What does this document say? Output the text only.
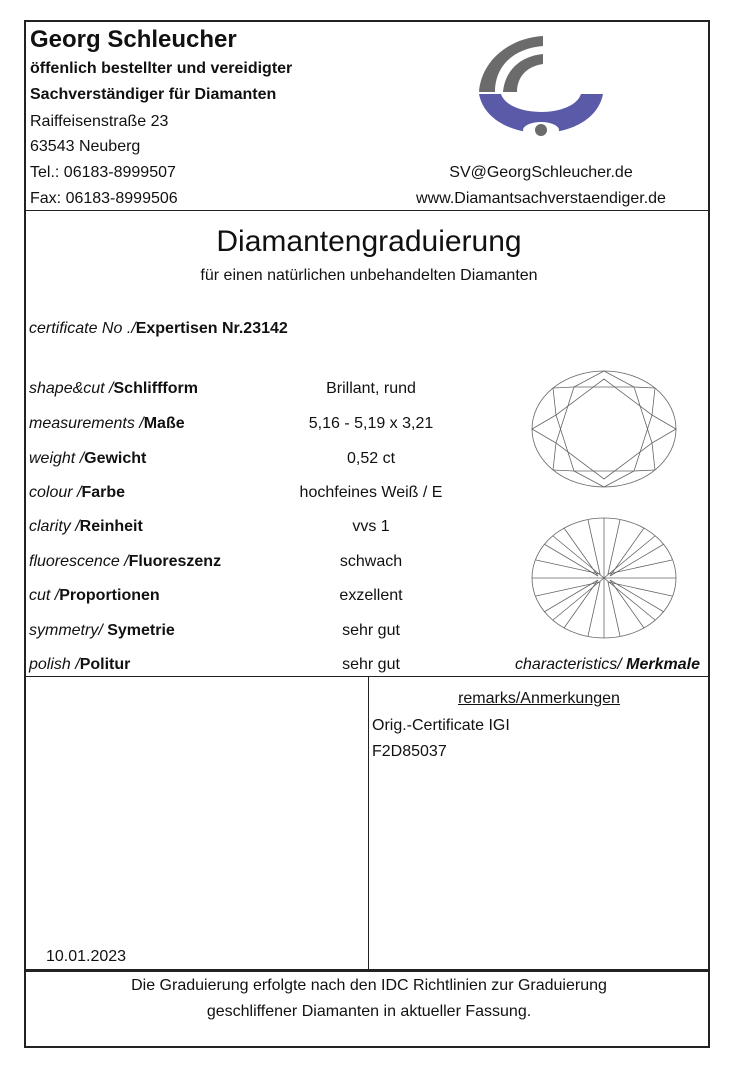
Georg Schleucher
öffenlich bestellter und vereidigter
Sachverständiger für Diamanten
Raiffeisenstraße 23
63543 Neuberg
Tel.: 06183-8999507
Fax: 06183-8999506
SV@GeorgSchleucher.de
www.Diamantsachverstaendiger.de
Diamantengraduierung
für einen natürlichen unbehandelten Diamanten
certificate No ./Expertisen Nr.23142
shape&cut /Schliffform	Brillant, rund
measurements /Maße	5,16 - 5,19 x 3,21
weight /Gewicht	0,52 ct
colour /Farbe	hochfeines Weiß / E
clarity /Reinheit	vvs 1
fluorescence /Fluoreszenz	schwach
cut /Proportionen	exzellent
symmetry/ Symetrie	sehr gut
polish /Politur	sehr gut	characteristics/ Merkmale
remarks/Anmerkungen
Orig.-Certificate IGI
F2D85037
10.01.2023
Die Graduierung erfolgte nach den IDC Richtlinien zur Graduierung
geschliffener Diamanten in aktueller Fassung.
